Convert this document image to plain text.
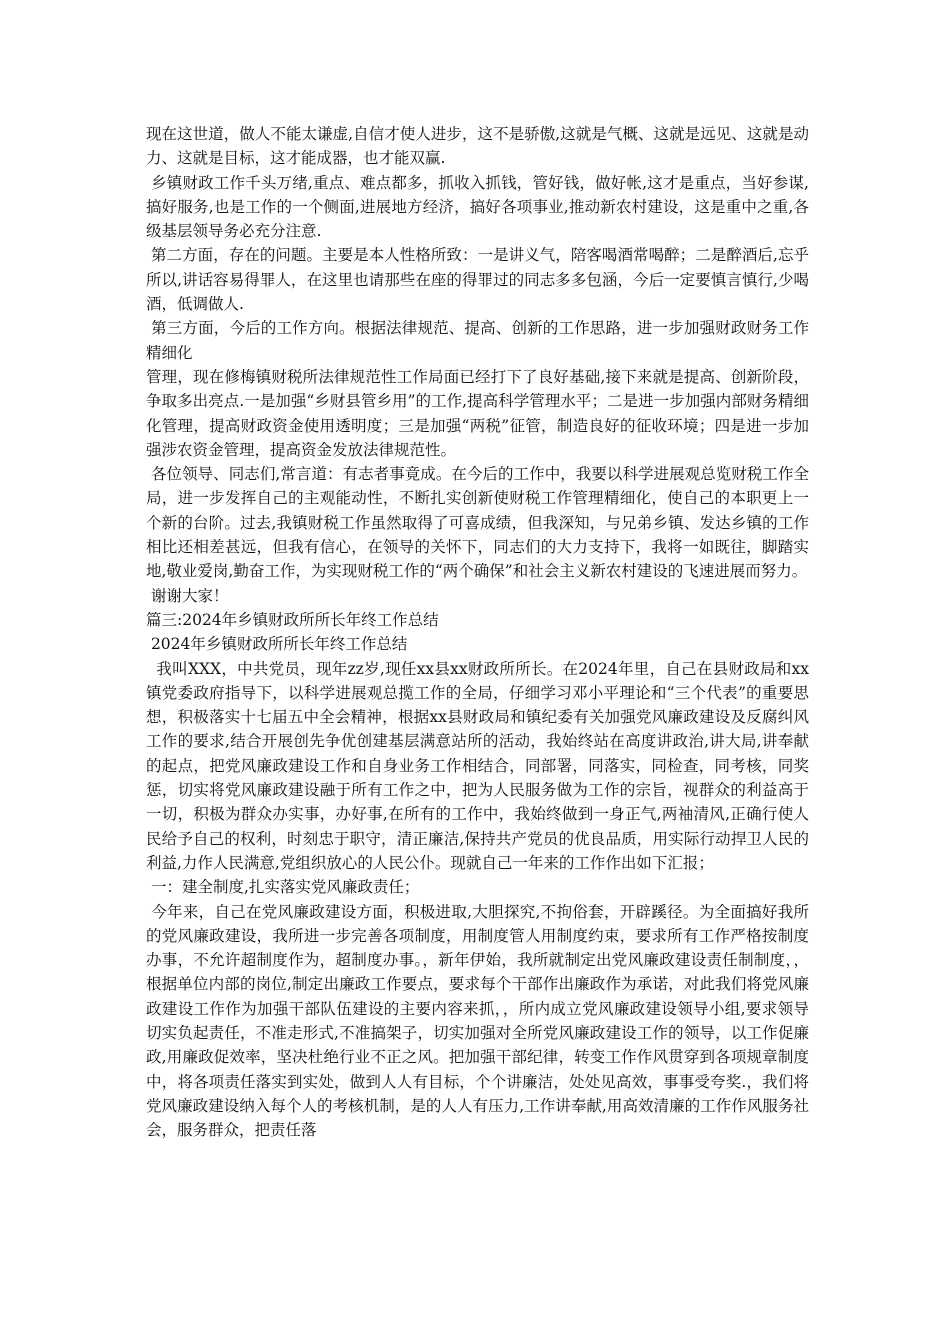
现在这世道，做人不能太谦虚,自信才使人进步，这不是骄傲,这就是气概、这就是远见、这就是动力、这就是目标，这才能成器，也才能双赢.

乡镇财政工作千头万绪,重点、难点都多，抓收入抓钱，管好钱，做好帐,这才是重点，当好参谋,搞好服务,也是工作的一个侧面,进展地方经济，搞好各项事业,推动新农村建设，这是重中之重,各级基层领导务必充分注意.

第二方面，存在的问题。主要是本人性格所致：一是讲义气，陪客喝酒常喝醉；二是醉酒后,忘乎所以,讲话容易得罪人，在这里也请那些在座的得罪过的同志多多包涵，今后一定要慎言慎行,少喝酒，低调做人.

第三方面，今后的工作方向。根据法律规范、提高、创新的工作思路，进一步加强财政财务工作精细化

管理，现在修梅镇财税所法律规范性工作局面已经打下了良好基础,接下来就是提高、创新阶段，争取多出亮点.一是加强“乡财县管乡用”的工作,提高科学管理水平；二是进一步加强内部财务精细化管理，提高财政资金使用透明度；三是加强“两税”征管，制造良好的征收环境；四是进一步加强涉农资金管理，提高资金发放法律规范性。

各位领导、同志们,常言道：有志者事竟成。在今后的工作中，我要以科学进展观总览财税工作全局，进一步发挥自己的主观能动性，不断扎实创新使财税工作管理精细化，使自己的本职更上一个新的台阶。过去,我镇财税工作虽然取得了可喜成绩，但我深知，与兄弟乡镇、发达乡镇的工作相比还相差甚远，但我有信心，在领导的关怀下，同志们的大力支持下，我将一如既往，脚踏实地,敬业爱岗,勤奋工作，为实现财税工作的“两个确保”和社会主义新农村建设的飞速进展而努力。

谢谢大家！

篇三:2024年乡镇财政所所长年终工作总结

2024年乡镇财政所所长年终工作总结

我叫XXX，中共党员，现年zz岁,现任xx县xx财政所所长。在2024年里，自己在县财政局和xx镇党委政府指导下，以科学进展观总揽工作的全局，仔细学习邓小平理论和“三个代表”的重要思想，积极落实十七届五中全会精神，根据xx县财政局和镇纪委有关加强党风廉政建设及反腐纠风工作的要求,结合开展创先争优创建基层满意站所的活动，我始终站在高度讲政治,讲大局,讲奉献的起点，把党风廉政建设工作和自身业务工作相结合，同部署，同落实，同检查，同考核，同奖惩，切实将党风廉政建设融于所有工作之中，把为人民服务做为工作的宗旨，视群众的利益高于一切，积极为群众办实事，办好事,在所有的工作中，我始终做到一身正气,两袖清风,正确行使人民给予自己的权利，时刻忠于职守，清正廉洁,保持共产党员的优良品质，用实际行动捍卫人民的利益,力作人民满意,党组织放心的人民公仆。现就自己一年来的工作作出如下汇报；

一：建全制度,扎实落实党风廉政责任；

今年来，自己在党风廉政建设方面，积极进取,大胆探究,不拘俗套，开辟蹊径。为全面搞好我所的党风廉政建设，我所进一步完善各项制度，用制度管人用制度约束，要求所有工作严格按制度办事，不允许超制度作为，超制度办事。，新年伊始，我所就制定出党风廉政建设责任制制度，，根据单位内部的岗位,制定出廉政工作要点，要求每个干部作出廉政作为承诺，对此我们将党风廉政建设工作作为加强干部队伍建设的主要内容来抓，，所内成立党风廉政建设领导小组,要求领导切实负起责任，不准走形式,不准搞架子，切实加强对全所党风廉政建设工作的领导，以工作促廉政,用廉政促效率，坚决杜绝行业不正之风。把加强干部纪律，转变工作作风贯穿到各项规章制度中，将各项责任落实到实处，做到人人有目标，个个讲廉洁，处处见高效，事事受夸奖.，我们将党风廉政建设纳入每个人的考核机制，是的人人有压力,工作讲奉献,用高效清廉的工作作风服务社会，服务群众，把责任落
